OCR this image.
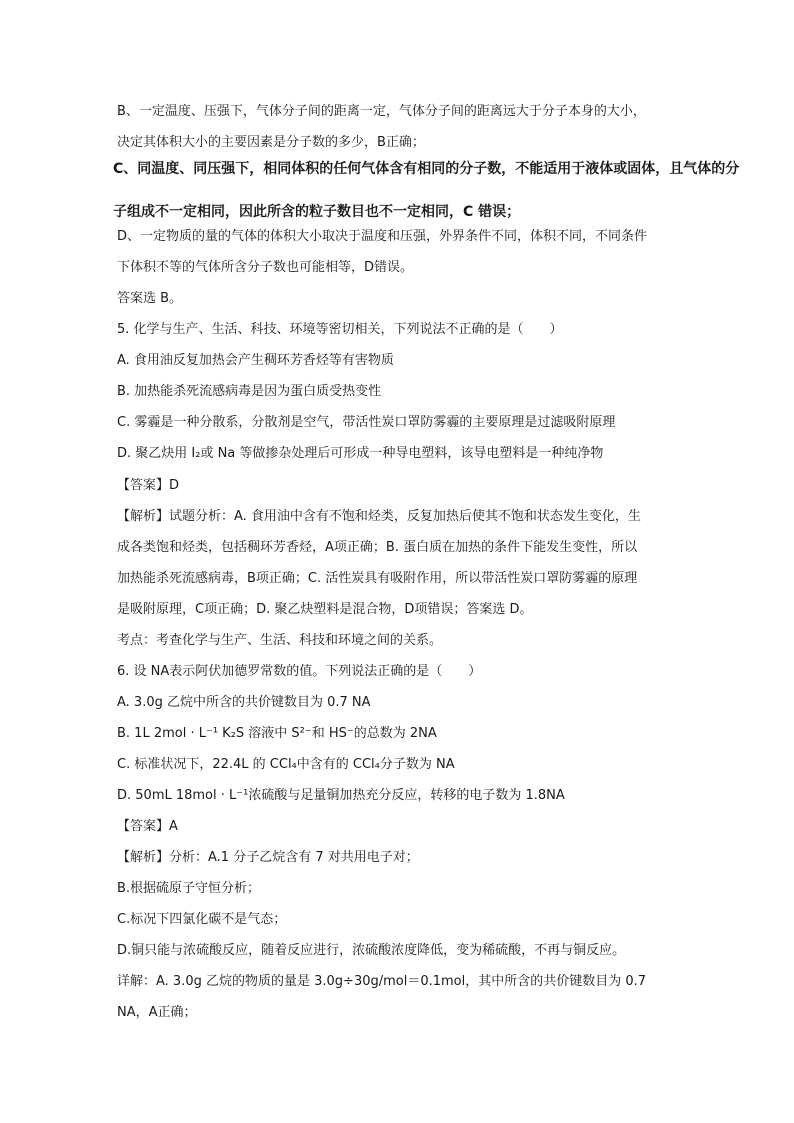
B、一定温度、压强下，气体分子间的距离一定，气体分子间的距离远大于分子本身的大小，
决定其体积大小的主要因素是分子数的多少，B正确；
C、同温度、同压强下，相同体积的任何气体含有相同的分子数，不能适用于液体或固体，且气体的分
子组成不一定相同，因此所含的粒子数目也不一定相同，C 错误；
D、一定物质的量的气体的体积大小取决于温度和压强，外界条件不同，体积不同，不同条件
下体积不等的气体所含分子数也可能相等，D错误。
答案选 B。
5. 化学与生产、生活、科技、环境等密切相关，下列说法不正确的是（　　）
A. 食用油反复加热会产生稠环芳香烃等有害物质
B. 加热能杀死流感病毒是因为蛋白质受热变性
C. 雾霾是一种分散系，分散剂是空气，带活性炭口罩防雾霾的主要原理是过滤吸附原理
D. 聚乙炔用 I₂或 Na 等做掺杂处理后可形成一种导电塑料，该导电塑料是一种纯净物
【答案】D
【解析】试题分析：A. 食用油中含有不饱和烃类，反复加热后使其不饱和状态发生变化，生
成各类饱和烃类，包括稠环芳香烃，A项正确；B. 蛋白质在加热的条件下能发生变性，所以
加热能杀死流感病毒，B项正确；C. 活性炭具有吸附作用，所以带活性炭口罩防雾霾的原理
是吸附原理，C项正确；D. 聚乙炔塑料是混合物，D项错误；答案选 D。
考点：考查化学与生产、生活、科技和环境之间的关系。
6. 设 NA表示阿伏加德罗常数的值。下列说法正确的是（　　）
A. 3.0g 乙烷中所含的共价键数目为 0.7 NA
B. 1L 2mol · L⁻¹ K₂S 溶液中 S²⁻和 HS⁻的总数为 2NA
C. 标准状况下，22.4L 的 CCl₄中含有的 CCl₄分子数为 NA
D. 50mL 18mol · L⁻¹浓硫酸与足量铜加热充分反应，转移的电子数为 1.8NA
【答案】A
【解析】分析：A.1 分子乙烷含有 7 对共用电子对；
B.根据硫原子守恒分析；
C.标况下四氯化碳不是气态；
D.铜只能与浓硫酸反应，随着反应进行，浓硫酸浓度降低，变为稀硫酸，不再与铜反应。
详解：A. 3.0g 乙烷的物质的量是 3.0g÷30g/mol＝0.1mol，其中所含的共价键数目为 0.7
NA，A正确；
